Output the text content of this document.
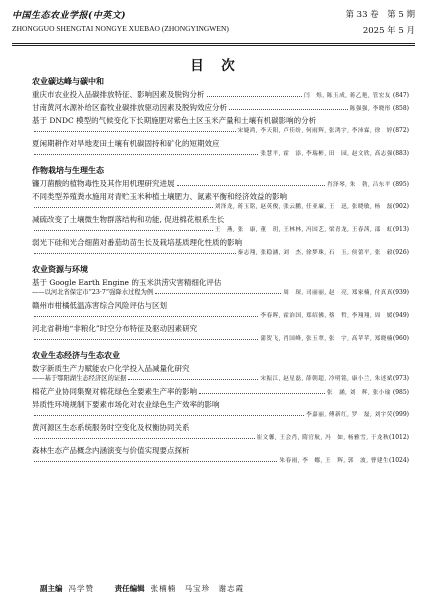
中国生态农业学报(中英文)
ZHONGGUO SHENGTAI NONGYE XUEBAO (ZHONGYINGWEN)
第 33 卷　第 5 期
2025 年 5 月
目　次
农业碳达峰与碳中和
重庆市农业投入品碳排放特征、影响因素及脱钩分析	闫　烁, 陈玉成, 蒋乙艳, 管宏友 (847)
甘南黄河水源补给区畜牧业碳排放驱动因素及脱钩效应分析	陈强强, 李晓彤 (858)
基于 DNDC 模型的气候变化下长期施肥对紫色土区玉米产量和土壤有机碳影响的分析
宋婕鸿, 李天阳, 卢佳纷, 何雨辉, 张鸿宇, 李沛霖, 徐　婷 (872)
夏闲期耕作对旱地麦田土壤有机碳固持和矿化的短期效应
张慧平, 霍　添, 李瑞彬, 田　园, 赵文欣, 高志强 (883)
作物栽培与生理生态
镰刀菌酸的植物毒性及其作用机理研究进展	肖泽琴, 朱　勃, 吕东平 (895)
不同类型养殖粪水施用对青贮玉米种植土壤肥力、氮素平衡和经济效益的影响
刘泽龙, 蒋玉铭, 赵英俊, 张云鹏, 任亚廉, 王　迅, 张晓敏, 杨　磊 (902)
减硫改变了土壤微生物群落结构和功能, 促进棉花根系生长
王　燕, 张　康, 董　玥, 王林林, 冯国艺, 梁青龙, 王春茜, 邵　虹 (913)
弱光下硅和光合细菌对番茄幼苗生长及栽培基质理化性质的影响
秦志翔, 张稳涵, 刘　杰, 徐梦珠, 石　玉, 侯蕾平, 张　毅 (926)
农业资源与环境
基于 Google Earth Engine 的玉米洪涝灾害精细化评估
——以河北省保定市“23·7”强降水过程为例	周　琛, 司丽丽, 赵　亮, 郑家楠, 付真真 (939)
赣州市柑橘低温冻害综合风险评估与区划
李春晖, 霍治国, 郑绍佛, 蔡　哲, 李翔翔, 周　媛 (949)
河北省耕地“非粮化”时空分布特征及驱动因素研究
蒲贺飞, 肖国峰, 张玉翠, 张　宇, 高苹苹, 郑晓楠 (960)
农业生态经济与生态农业
数字新质生产力赋能农户化学投入品减量化研究
——基于鄂阳湖生态经济区的证据	宋振江, 赵星磊, 薛朝超, 冷明铭, 康小兰, 朱述斌 (973)
棉花产业协同集聚对棉花绿色全要素生产率的影响	张　涵, 刘　辉, 张小瑜 (985)
异质性环境规制下要素市场化对农业绿色生产效率的影响
李嘉丽, 傅新红, 罗　磊, 刘宇荧 (999)
黄河源区生态系统服务时空变化及权衡协同关系
崔文馨, 王会肖, 隋官航, 冯　如, 杨雅雪, 于龙秋 (1012)
森林生态产品概念内涵演变与价值实现要点探析
朱春雨, 李　娜, 王　辉, 郭　波, 曹建生 (1024)
副主编 冯学赞	责任编辑 张楠楠　马宝珍　谢志霞
